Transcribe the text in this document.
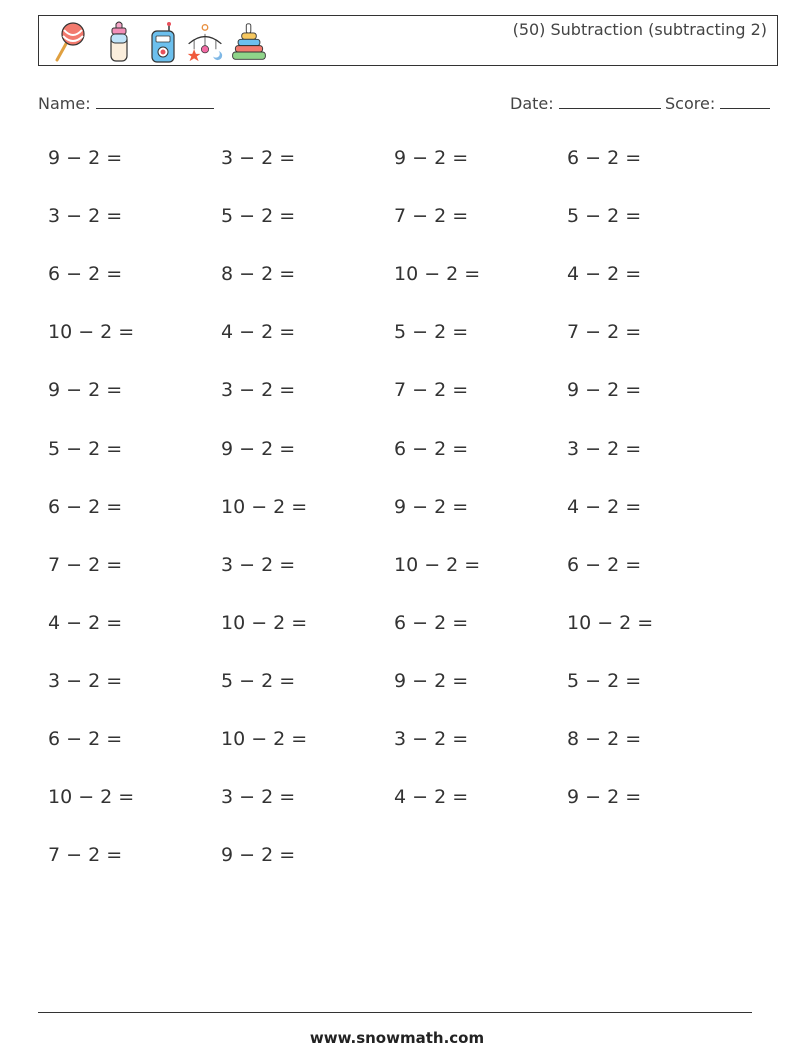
(50) Subtraction (subtracting 2)
Name:	Date:	Score:
9 − 2 =	3 − 2 =	9 − 2 =	6 − 2 =
3 − 2 =	5 − 2 =	7 − 2 =	5 − 2 =
6 − 2 =	8 − 2 =	10 − 2 =	4 − 2 =
10 − 2 =	4 − 2 =	5 − 2 =	7 − 2 =
9 − 2 =	3 − 2 =	7 − 2 =	9 − 2 =
5 − 2 =	9 − 2 =	6 − 2 =	3 − 2 =
6 − 2 =	10 − 2 =	9 − 2 =	4 − 2 =
7 − 2 =	3 − 2 =	10 − 2 =	6 − 2 =
4 − 2 =	10 − 2 =	6 − 2 =	10 − 2 =
3 − 2 =	5 − 2 =	9 − 2 =	5 − 2 =
6 − 2 =	10 − 2 =	3 − 2 =	8 − 2 =
10 − 2 =	3 − 2 =	4 − 2 =	9 − 2 =
7 − 2 =	9 − 2 =
www.snowmath.com
